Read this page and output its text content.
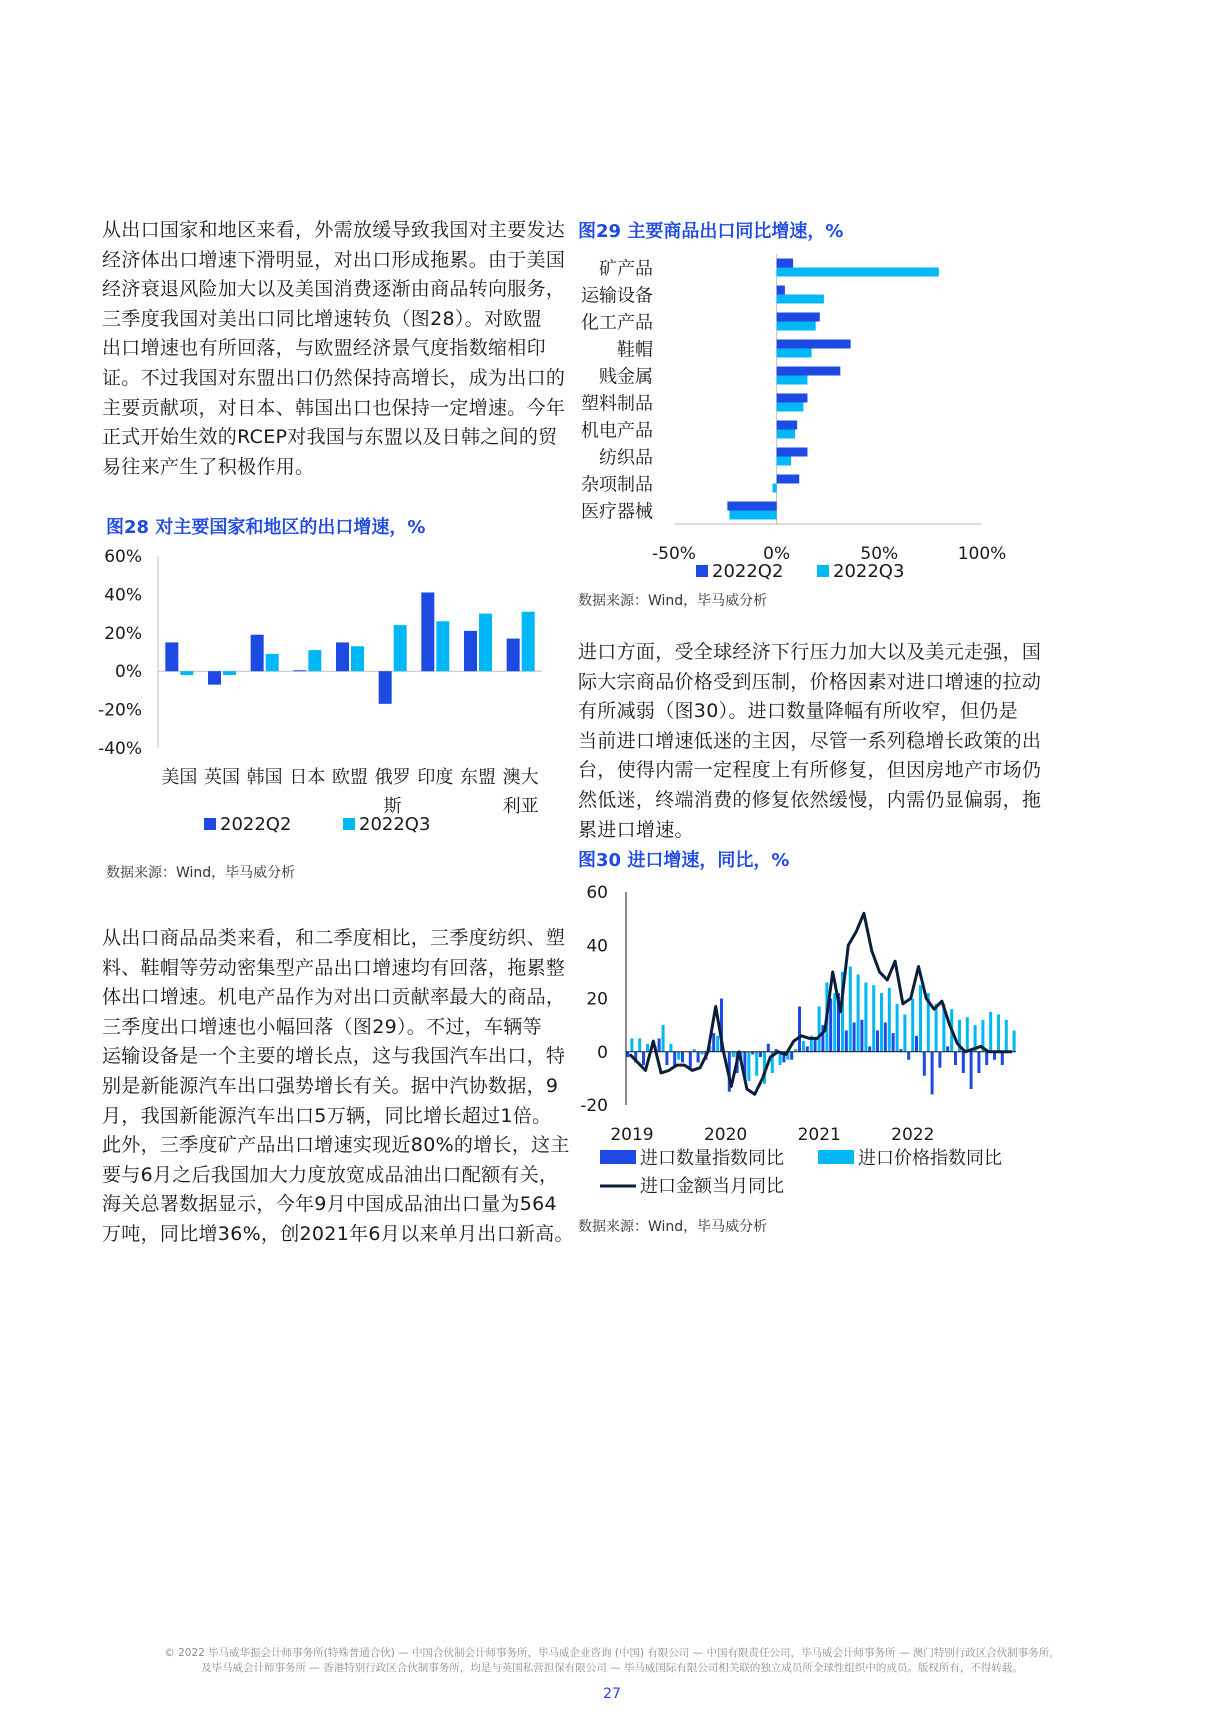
从出口国家和地区来看，外需放缓导致我国对主要发达
经济体出口增速下滑明显，对出口形成拖累。由于美国
经济衰退风险加大以及美国消费逐渐由商品转向服务，
三季度我国对美出口同比增速转负（图28）。对欧盟
出口增速也有所回落，与欧盟经济景气度指数缩相印
证。不过我国对东盟出口仍然保持高增长，成为出口的
主要贡献项，对日本、韩国出口也保持一定增速。今年
正式开始生效的RCEP对我国与东盟以及日韩之间的贸
易往来产生了积极作用。
图28 对主要国家和地区的出口增速，%
60%
40%
20%
0%
-20%
-40%
美国 英国 韩国 日本 欧盟 俄罗
斯
印度 东盟 澳大
利亚
2022Q2	2022Q3
数据来源：Wind，毕马威分析
从出口商品品类来看，和二季度相比，三季度纺织、塑
料、鞋帽等劳动密集型产品出口增速均有回落，拖累整
体出口增速。机电产品作为对出口贡献率最大的商品，
三季度出口增速也小幅回落（图29）。不过，车辆等
运输设备是一个主要的增长点，这与我国汽车出口，特
别是新能源汽车出口强势增长有关。据中汽协数据，9
月，我国新能源汽车出口5万辆，同比增长超过1倍。
此外，三季度矿产品出口增速实现近80%的增长，这主
要与6月之后我国加大力度放宽成品油出口配额有关，
海关总署数据显示，今年9月中国成品油出口量为564
万吨，同比增36%，创2021年6月以来单月出口新高。
图29 主要商品出口同比增速，%
-50%	0%	50%	100%
矿产品
运输设备
化工产品
鞋帽
贱金属
塑料制品
机电产品
纺织品
杂项制品
医疗器械
2022Q2	2022Q3
数据来源：Wind，毕马威分析
进口方面，受全球经济下行压力加大以及美元走强，国
际大宗商品价格受到压制，价格因素对进口增速的拉动
有所减弱（图30）。进口数量降幅有所收窄，但仍是
当前进口增速低迷的主因，尽管一系列稳增长政策的出
台，使得内需一定程度上有所修复，但因房地产市场仍
然低迷，终端消费的修复依然缓慢，内需仍显偏弱，拖
累进口增速。
图30 进口增速，同比，%
60
40
20
0
-20
2019	2020	2021	2022
进口数量指数同比	进口价格指数同比
进口金额当月同比
数据来源：Wind，毕马威分析
© 2022 毕马威华振会计师事务所(特殊普通合伙) — 中国合伙制会计师事务所，毕马威企业咨询 (中国) 有限公司 — 中国有限责任公司，毕马威会计师事务所 — 澳门特别行政区合伙制事务所，
及毕马威会计师事务所 — 香港特别行政区合伙制事务所，均是与英国私营担保有限公司 — 毕马威国际有限公司相关联的独立成员所全球性组织中的成员。版权所有，不得转载。
27
